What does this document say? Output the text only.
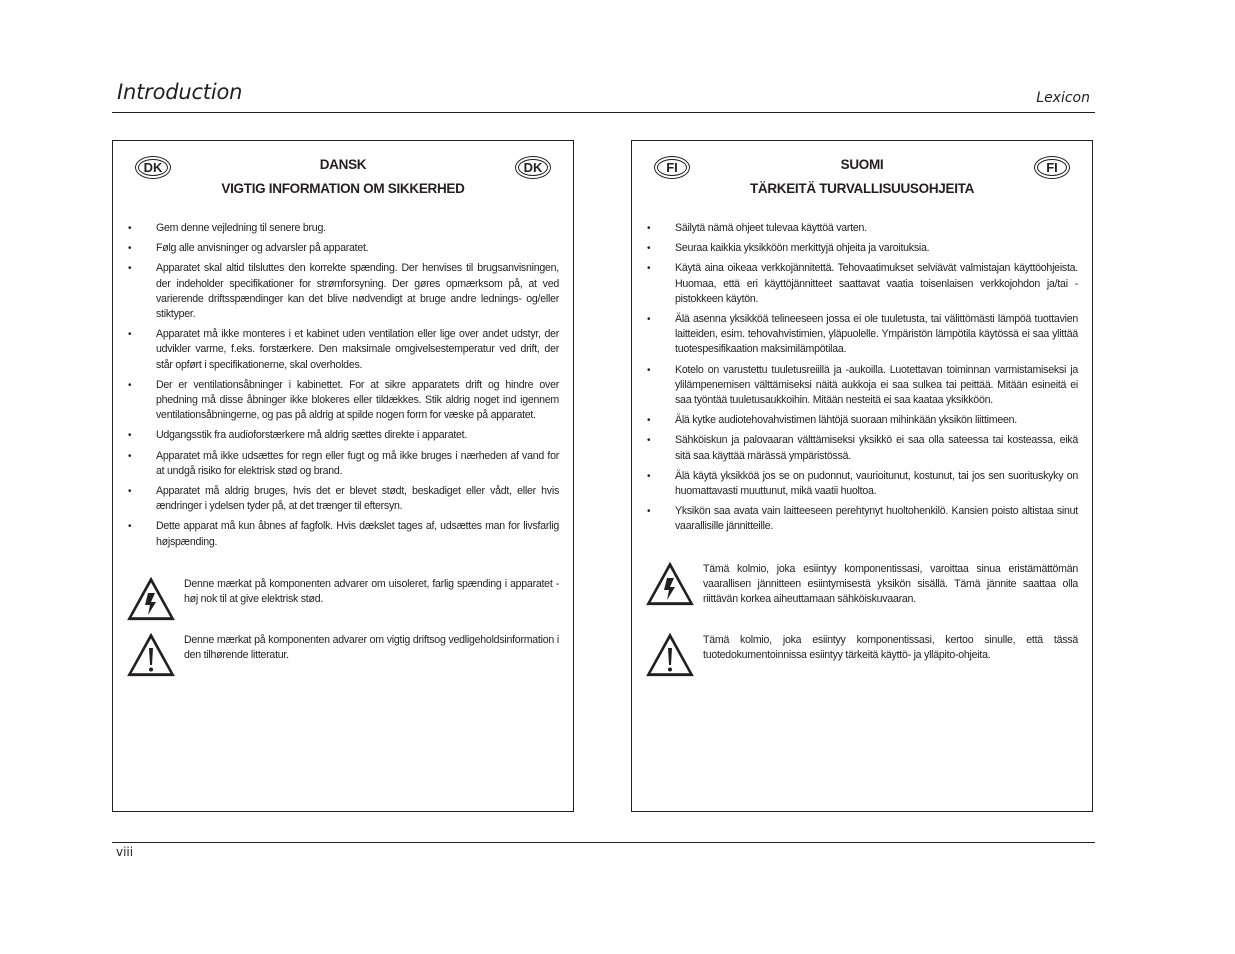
Introduction	Lexicon
DK	DK
DANSK
VIGTIG INFORMATION OM SIKKERHED
• Gem denne vejledning til senere brug.
• Følg alle anvisninger og advarsler på apparatet.
• Apparatet skal altid tilsluttes den korrekte spænding. Der henvises til brugsanvisningen, der indeholder specifikationer for strømforsyning. Der gøres opmærksom på, at ved varierende driftsspændinger kan det blive nødvendigt at bruge andre lednings- og/eller stiktyper.
• Apparatet må ikke monteres i et kabinet uden ventilation eller lige over andet udstyr, der udvikler varme, f.eks. forstærkere. Den maksimale omgivelsestemperatur ved drift, der står opført i specifikationerne, skal overholdes.
• Der er ventilationsåbninger i kabinettet. For at sikre apparatets drift og hindre over phedning må disse åbninger ikke blokeres eller tildækkes. Stik aldrig noget ind igennem ventilationsåbningerne, og pas på aldrig at spilde nogen form for væske på apparatet.
• Udgangsstik fra audioforstærkere må aldrig sættes direkte i apparatet.
• Apparatet må ikke udsættes for regn eller fugt og må ikke bruges i nærheden af vand for at undgå risiko for elektrisk stød og brand.
• Apparatet må aldrig bruges, hvis det er blevet stødt, beskadiget eller vådt, eller hvis ændringer i ydelsen tyder på, at det trænger til eftersyn.
• Dette apparat må kun åbnes af fagfolk. Hvis dækslet tages af, udsættes man for livsfarlig højspænding.
Denne mærkat på komponenten advarer om uisoleret, farlig spænding i apparatet - høj nok til at give elektrisk stød.
Denne mærkat på komponenten advarer om vigtig driftsog vedligeholdsinformation i den tilhørende litteratur.
FI	FI
SUOMI
TÄRKEITÄ TURVALLISUUSOHJEITA
• Säilytä nämä ohjeet tulevaa käyttöä varten.
• Seuraa kaikkia yksikköön merkittyjä ohjeita ja varoituksia.
• Käytä aina oikeaa verkkojännitettä. Tehovaatimukset selviävät valmistajan käyttöohjeista. Huomaa, että eri käyttöjännitteet saattavat vaatia toisenlaisen verkkojohdon ja/tai -pistokkeen käytön.
• Älä asenna yksikköä telineeseen jossa ei ole tuuletusta, tai välittömästi lämpöä tuottavien laitteiden, esim. tehovahvistimien, yläpuolelle. Ympäristön lämpötila käytössä ei saa ylittää tuotespesifikaation maksimilämpötilaa.
• Kotelo on varustettu tuuletusreiillä ja -aukoilla. Luotettavan toiminnan varmistamiseksi ja ylilämpenemisen välttämiseksi näitä aukkoja ei saa sulkea tai peittää. Mitään esineitä ei saa työntää tuuletusaukkoihin. Mitään nesteitä ei saa kaataa yksikköön.
• Älä kytke audiotehovahvistimen lähtöjä suoraan mihinkään yksikön liittimeen.
• Sähköiskun ja palovaaran välttämiseksi yksikkö ei saa olla sateessa tai kosteassa, eikä sitä saa käyttää märässä ympäristössä.
• Älä käytä yksikköä jos se on pudonnut, vaurioitunut, kostunut, tai jos sen suorituskyky on huomattavasti muuttunut, mikä vaatii huoltoa.
• Yksikön saa avata vain laitteeseen perehtynyt huoltohenkilö. Kansien poisto altistaa sinut vaarallisille jännitteille.
Tämä kolmio, joka esiintyy komponentissasi, varoittaa sinua eristämättömän vaarallisen jännitteen esiintymisestä yksikön sisällä. Tämä jännite saattaa olla riittävän korkea aiheuttamaan sähköiskuvaaran.
Tämä kolmio, joka esiintyy komponentissasi, kertoo sinulle, että tässä tuotedokumentoinnissa esiintyy tärkeitä käyttö- ja ylläpito-ohjeita.
viii
